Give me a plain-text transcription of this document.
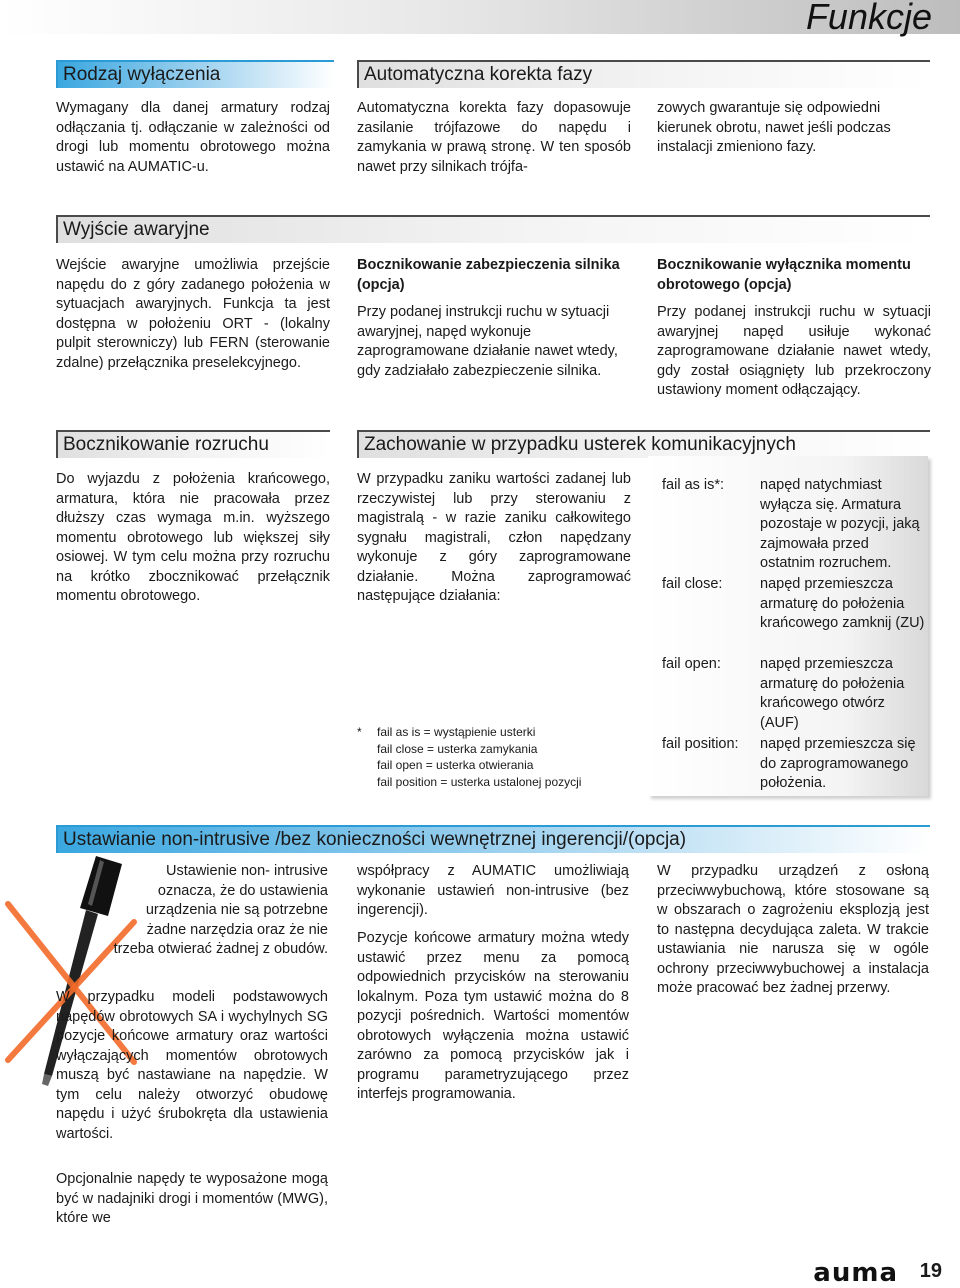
Funkcje
Rodzaj wyłączenia
Wymagany dla danej armatury rodzaj odłączania tj. odłączanie w zależności od drogi lub momentu obrotowego można ustawić na AUMATIC-u.
Automatyczna korekta fazy
Automatyczna korekta fazy dopasowuje zasilanie trójfazowe do napędu i zamykania w prawą stronę. W ten sposób nawet przy silnikach trójfa-
zowych gwarantuje się odpowiedni kierunek obrotu, nawet jeśli podczas instalacji zmieniono fazy.
Wyjście awaryjne
Wejście awaryjne umożliwia przejście napędu do z góry zadanego położenia w sytuacjach awaryjnych. Funkcja ta jest dostępna w położeniu ORT - (lokalny pulpit sterowniczy) lub FERN (sterowanie zdalne) przełącznika preselekcyjnego.
Bocznikowanie zabezpieczenia silnika (opcja)
Przy podanej instrukcji ruchu w sytuacji awaryjnej, napęd wykonuje zaprogramowane działanie nawet wtedy, gdy zadziałało zabezpieczenie silnika.
Bocznikowanie wyłącznika momentu obrotowego (opcja)
Przy podanej instrukcji ruchu w sytuacji awaryjnej napęd usiłuje wykonać zaprogramowane działanie nawet wtedy, gdy został osiągnięty lub przekroczony ustawiony moment odłączający.
Bocznikowanie rozruchu
Do wyjazdu z położenia krańcowego, armatura, która nie pracowała przez dłuższy czas wymaga m.in. wyższego momentu obrotowego lub większej siły osiowej. W tym celu można przy rozruchu na krótko zbocznikować przełącznik momentu obrotowego.
Zachowanie w przypadku usterek komunikacyjnych
W przypadku zaniku wartości zadanej lub rzeczywistej lub przy sterowaniu z magistralą - w razie zaniku całkowitego sygnału magistrali, człon napędzany wykonuje z góry zaprogramowane działanie. Można zaprogramować następujące działania:
* fail as is = wystąpienie usterki
fail close = usterka zamykania
fail open = usterka otwierania
fail position = usterka ustalonej pozycji
fail as is*: napęd natychmiast wyłącza się. Armatura pozostaje w pozycji, jaką zajmowała przed ostatnim rozruchem.
fail close:	napęd przemieszcza armaturę do położenia krańcowego zamknij (ZU)
fail open:	napęd przemieszcza armaturę do położenia krańcowego otwórz (AUF)
fail position: napęd przemieszcza się do zaprogramowanego położenia.
Ustawianie non-intrusive /bez konieczności wewnętrznej ingerencji/(opcja)
Ustawienie non- intrusive oznacza, że do ustawienia urządzenia nie są potrzebne żadne narzędzia oraz że nie trzeba otwierać żadnej z obudów.
W przypadku modeli podstawowych napędów obrotowych SA i wychylnych SG pozycje końcowe armatury oraz wartości wyłączających momentów obrotowych muszą być nastawiane na napędzie. W tym celu należy otworzyć obudowę napędu i użyć śrubokręta dla ustawienia wartości.
Opcjonalnie napędy te wyposażone mogą być w nadajniki drogi i momentów (MWG), które we
współpracy z AUMATIC umożliwiają wykonanie ustawień non-intrusive (bez ingerencji).
Pozycje końcowe armatury można wtedy ustawić przez menu za pomocą odpowiednich przycisków na sterowaniu lokalnym. Poza tym ustawić można do 8 pozycji pośrednich. Wartości momentów obrotowych wyłączenia można ustawić zarówno za pomocą przycisków jak i programu parametryzującego przez interfejs programowania.
W przypadku urządzeń z osłoną przeciwwybuchową, które stosowane są w obszarach o zagrożeniu eksplozją jest to następna decydująca zaleta. W trakcie ustawiania nie narusza się w ogóle ochrony przeciwwybuchowej a instalacja może pracować bez żadnej przerwy.
auma 19
